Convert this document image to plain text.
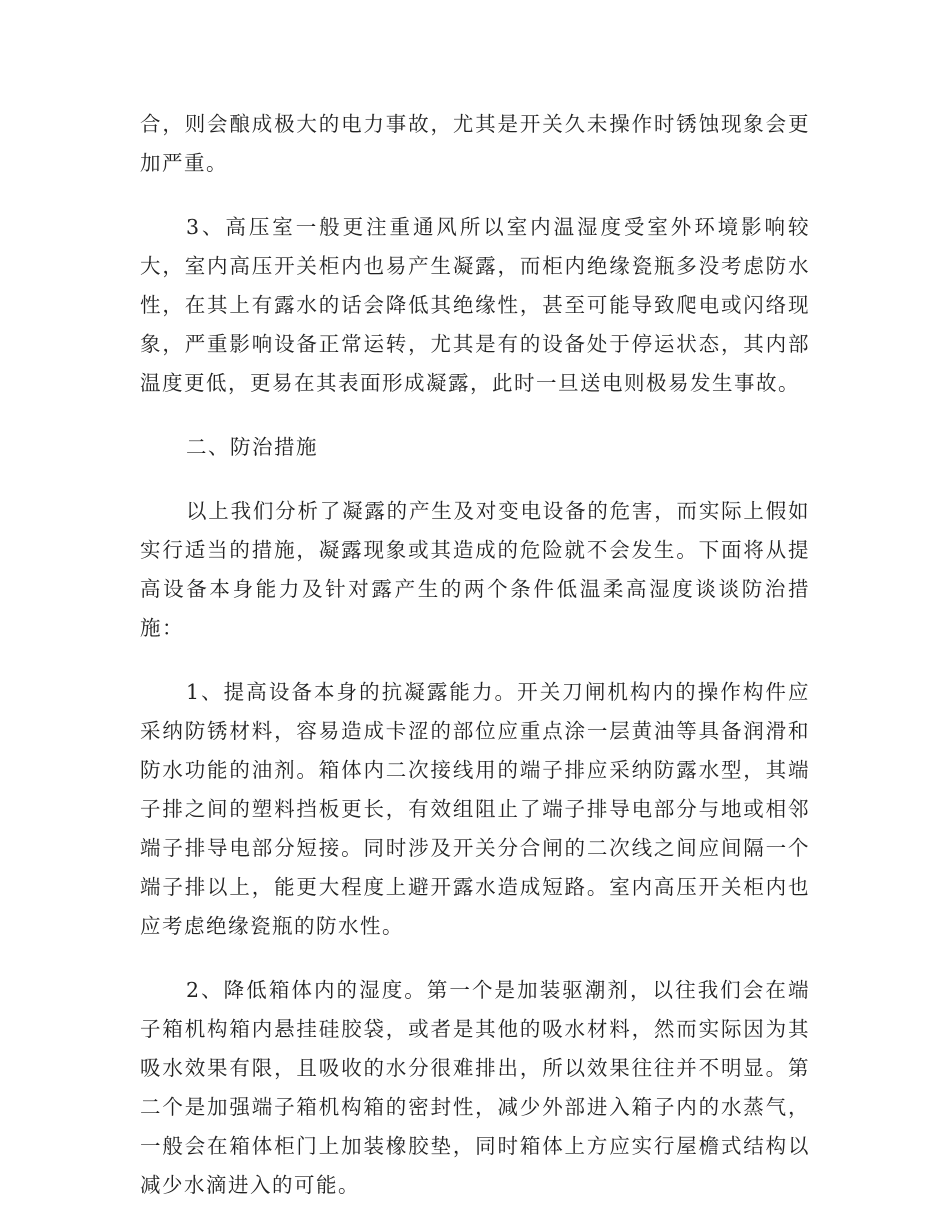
合，则会酿成极大的电力事故，尤其是开关久未操作时锈蚀现象会更加严重。

3、高压室一般更注重通风所以室内温湿度受室外环境影响较大，室内高压开关柜内也易产生凝露，而柜内绝缘瓷瓶多没考虑防水性，在其上有露水的话会降低其绝缘性，甚至可能导致爬电或闪络现象，严重影响设备正常运转，尤其是有的设备处于停运状态，其内部温度更低，更易在其表面形成凝露，此时一旦送电则极易发生事故。

二、防治措施

以上我们分析了凝露的产生及对变电设备的危害，而实际上假如实行适当的措施，凝露现象或其造成的危险就不会发生。下面将从提高设备本身能力及针对露产生的两个条件低温柔高湿度谈谈防治措施：

1、提高设备本身的抗凝露能力。开关刀闸机构内的操作构件应采纳防锈材料，容易造成卡涩的部位应重点涂一层黄油等具备润滑和防水功能的油剂。箱体内二次接线用的端子排应采纳防露水型，其端子排之间的塑料挡板更长，有效组阻止了端子排导电部分与地或相邻端子排导电部分短接。同时涉及开关分合闸的二次线之间应间隔一个端子排以上，能更大程度上避开露水造成短路。室内高压开关柜内也应考虑绝缘瓷瓶的防水性。

2、降低箱体内的湿度。第一个是加装驱潮剂，以往我们会在端子箱机构箱内悬挂硅胶袋，或者是其他的吸水材料，然而实际因为其吸水效果有限，且吸收的水分很难排出，所以效果往往并不明显。第二个是加强端子箱机构箱的密封性，减少外部进入箱子内的水蒸气，一般会在箱体柜门上加装橡胶垫，同时箱体上方应实行屋檐式结构以减少水滴进入的可能。
